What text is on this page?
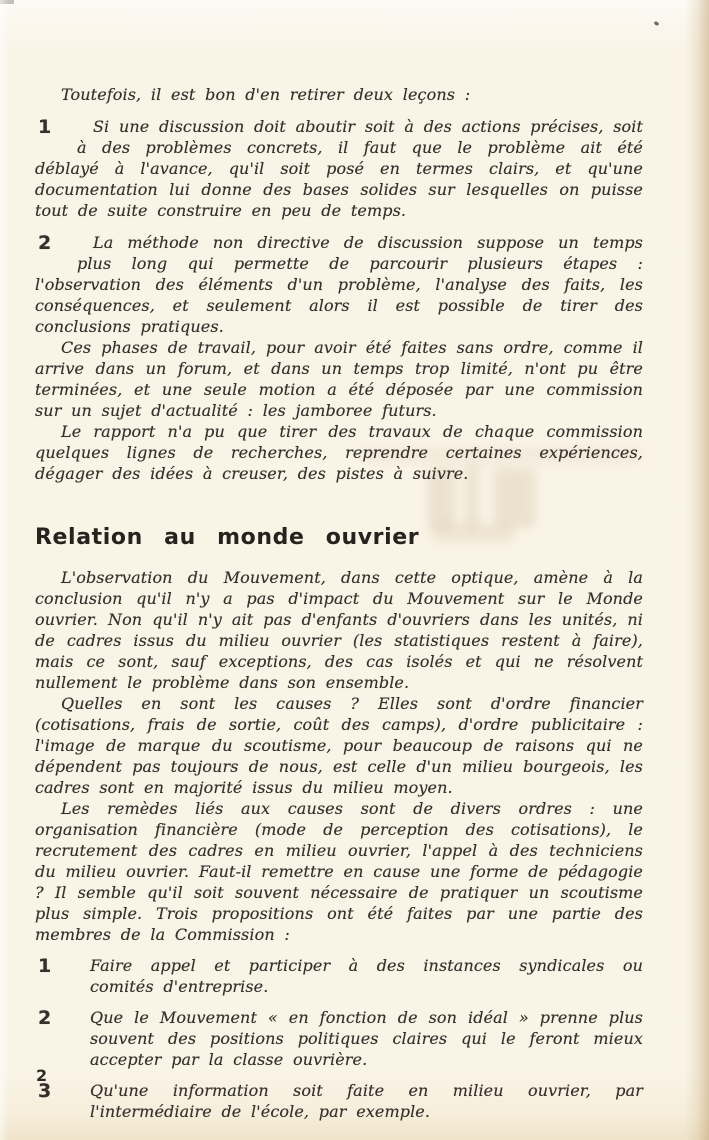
Toutefois, il est bon d'en retirer deux leçons :

1	Si une discussion doit aboutir soit à des actions précises, soit à des problèmes concrets, il faut que le problème ait été déblayé à l'avance, qu'il soit posé en termes clairs, et qu'une documentation lui donne des bases solides sur lesquelles on puisse tout de suite construire en peu de temps.

2	La méthode non directive de discussion suppose un temps plus long qui permette de parcourir plusieurs étapes : l'observation des éléments d'un problème, l'analyse des faits, les conséquences, et seulement alors il est possible de tirer des conclusions pratiques.

Ces phases de travail, pour avoir été faites sans ordre, comme il arrive dans un forum, et dans un temps trop limité, n'ont pu être terminées, et une seule motion a été déposée par une commission sur un sujet d'actualité : les jamboree futurs.

Le rapport n'a pu que tirer des travaux de chaque commission quelques lignes de recherches, reprendre certaines expériences, dégager des idées à creuser, des pistes à suivre.

Relation au monde ouvrier

L'observation du Mouvement, dans cette optique, amène à la conclusion qu'il n'y a pas d'impact du Mouvement sur le Monde ouvrier. Non qu'il n'y ait pas d'enfants d'ouvriers dans les unités, ni de cadres issus du milieu ouvrier (les statistiques restent à faire), mais ce sont, sauf exceptions, des cas isolés et qui ne résolvent nullement le problème dans son ensemble.

Quelles en sont les causes ? Elles sont d'ordre financier (cotisations, frais de sortie, coût des camps), d'ordre publicitaire : l'image de marque du scoutisme, pour beaucoup de raisons qui ne dépendent pas toujours de nous, est celle d'un milieu bourgeois, les cadres sont en majorité issus du milieu moyen.

Les remèdes liés aux causes sont de divers ordres : une organisation financière (mode de perception des cotisations), le recrutement des cadres en milieu ouvrier, l'appel à des techniciens du milieu ouvrier. Faut-il remettre en cause une forme de pédagogie ? Il semble qu'il soit souvent nécessaire de pratiquer un scoutisme plus simple. Trois propositions ont été faites par une partie des membres de la Commission :

1 Faire appel et participer à des instances syndicales ou comités d'entreprise.

2 Que le Mouvement « en fonction de son idéal » prenne plus souvent des positions politiques claires qui le feront mieux accepter par la classe ouvrière.

3 Qu'une information soit faite en milieu ouvrier, par l'intermédiaire de l'école, par exemple.

2
